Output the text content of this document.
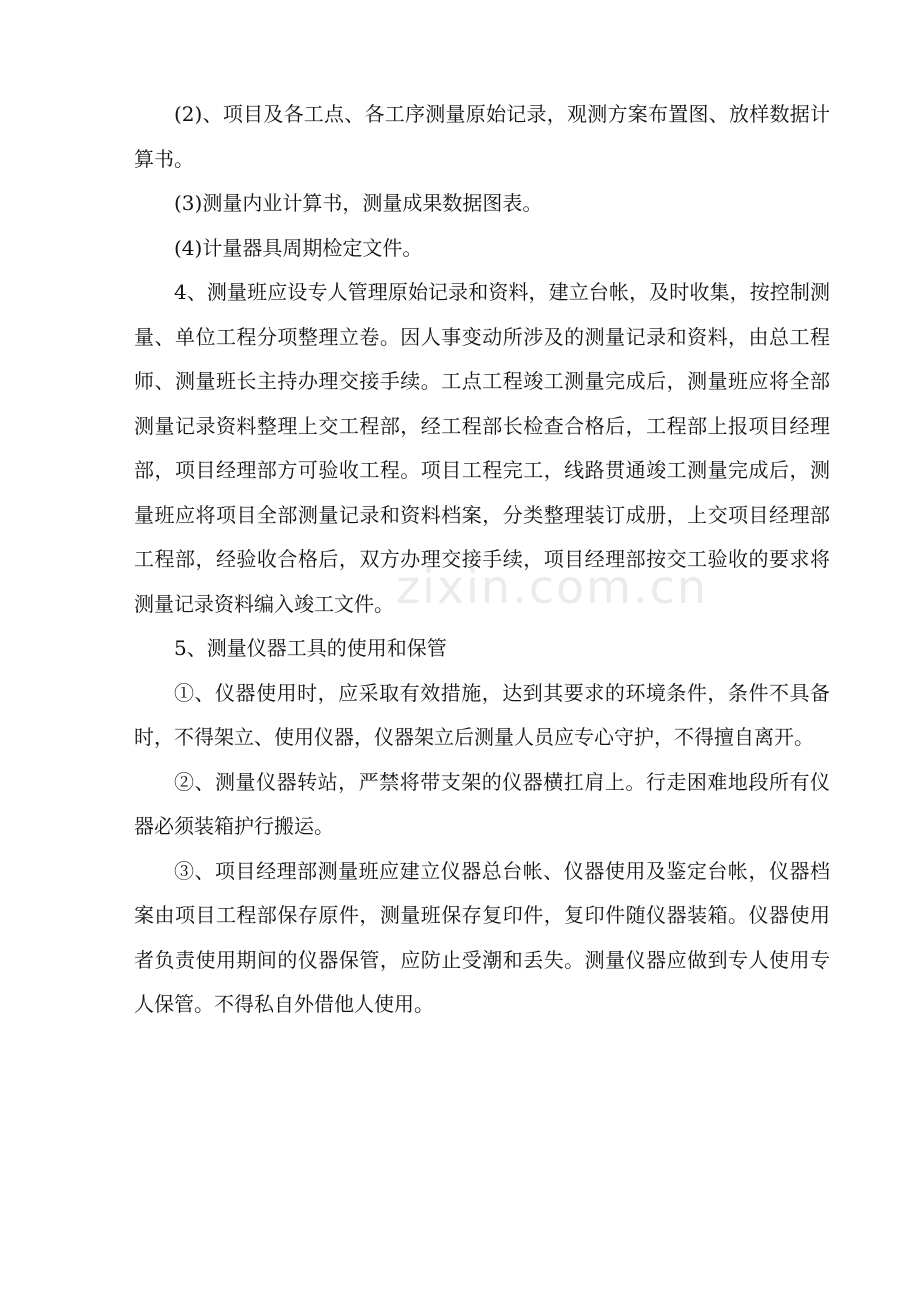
(2)、项目及各工点、各工序测量原始记录，观测方案布置图、放样数据计算书。

(3)测量内业计算书，测量成果数据图表。

(4)计量器具周期检定文件。

4、测量班应设专人管理原始记录和资料，建立台帐，及时收集，按控制测量、单位工程分项整理立卷。因人事变动所涉及的测量记录和资料，由总工程师、测量班长主持办理交接手续。工点工程竣工测量完成后，测量班应将全部测量记录资料整理上交工程部，经工程部长检查合格后，工程部上报项目经理部，项目经理部方可验收工程。项目工程完工，线路贯通竣工测量完成后，测量班应将项目全部测量记录和资料档案，分类整理装订成册，上交项目经理部工程部，经验收合格后，双方办理交接手续，项目经理部按交工验收的要求将测量记录资料编入竣工文件。

5、测量仪器工具的使用和保管

①、仪器使用时，应采取有效措施，达到其要求的环境条件，条件不具备时，不得架立、使用仪器，仪器架立后测量人员应专心守护，不得擅自离开。

②、测量仪器转站，严禁将带支架的仪器横扛肩上。行走困难地段所有仪器必须装箱护行搬运。

③、项目经理部测量班应建立仪器总台帐、仪器使用及鉴定台帐，仪器档案由项目工程部保存原件，测量班保存复印件，复印件随仪器装箱。仪器使用者负责使用期间的仪器保管，应防止受潮和丢失。测量仪器应做到专人使用专人保管。不得私自外借他人使用。

zixin.com.cn
